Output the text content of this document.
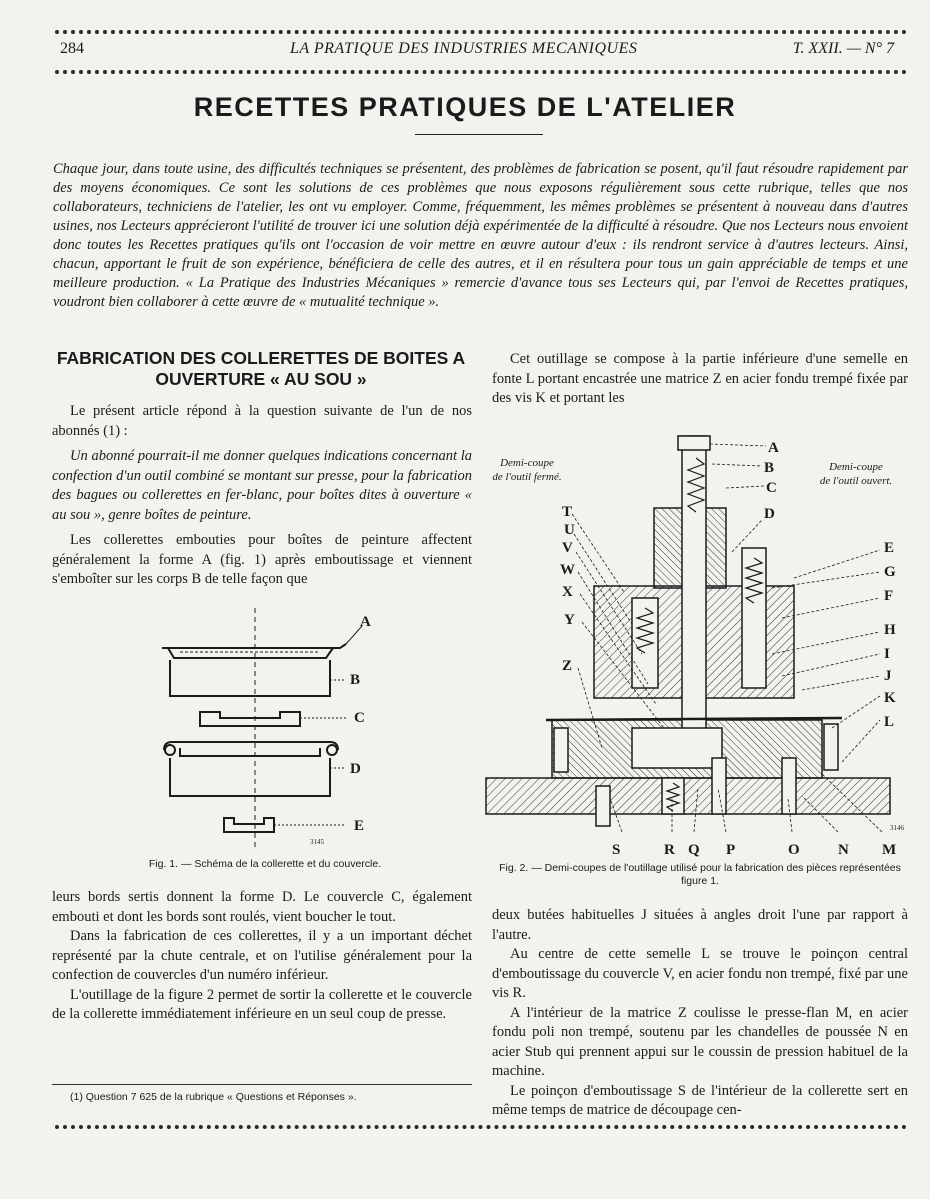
284	LA PRATIQUE DES INDUSTRIES MECANIQUES	T. XXII. — N° 7
RECETTES PRATIQUES DE L'ATELIER

Chaque jour, dans toute usine, des difficultés techniques se présentent, des problèmes de fabrication se posent, qu'il faut résoudre rapidement par des moyens économiques. Ce sont les solutions de ces problèmes que nous exposons régulièrement sous cette rubrique, telles que nos collaborateurs, techniciens de l'atelier, les ont vu employer. Comme, fréquemment, les mêmes problèmes se présentent à nouveau dans d'autres usines, nos Lecteurs apprécieront l'utilité de trouver ici une solution déjà expérimentée de la difficulté à résoudre. Que nos Lecteurs nous envoient donc toutes les Recettes pratiques qu'ils ont l'occasion de voir mettre en œuvre autour d'eux : ils rendront service à d'autres lecteurs. Ainsi, chacun, apportant le fruit de son expérience, bénéficiera de celle des autres, et il en résultera pour tous un gain appréciable de temps et une meilleure production. « La Pratique des Industries Mécaniques » remercie d'avance tous ses Lecteurs qui, par l'envoi de Recettes pratiques, voudront bien collaborer à cette œuvre de « mutualité technique ».

FABRICATION DES COLLERETTES DE BOITES A OUVERTURE « AU SOU »

Le présent article répond à la question suivante de l'un de nos abonnés (1) :

Un abonné pourrait-il me donner quelques indications concernant la confection d'un outil combiné se montant sur presse, pour la fabrication des bagues ou collerettes en fer-blanc, pour boîtes dites à ouverture « au sou », genre boîtes de peinture.

Les collerettes embouties pour boîtes de peinture affectent généralement la forme A (fig. 1) après emboutissage et viennent s'emboîter sur les corps B de telle façon que

A
B
C
D
E
3145
Fig. 1. — Schéma de la collerette et du couvercle.

leurs bords sertis donnent la forme D. Le couvercle C, également embouti et dont les bords sont roulés, vient boucher le tout.

Dans la fabrication de ces collerettes, il y a un important déchet représenté par la chute centrale, et on l'utilise généralement pour la confection de couvercles d'un numéro inférieur.

L'outillage de la figure 2 permet de sortir la collerette et le couvercle de la collerette immédiatement inférieure en un seul coup de presse.

(1) Question 7 625 de la rubrique « Questions et Réponses ».

Cet outillage se compose à la partie inférieure d'une semelle en fonte L portant encastrée une matrice Z en acier fondu trempé fixée par des vis K et portant les

Demi-coupe
de l'outil fermé.
Demi-coupe
de l'outil ouvert.
A
B
C
D
E
G
F
H
I
J
K
L
T
U
V
W
X
Y
Z
S	R Q P	O	N M
3146
Fig. 2. — Demi-coupes de l'outillage utilisé pour la fabrication des pièces représentées figure 1.

deux butées habituelles J situées à angles droit l'une par rapport à l'autre.

Au centre de cette semelle L se trouve le poinçon central d'emboutissage du couvercle V, en acier fondu non trempé, fixé par une vis R.

A l'intérieur de la matrice Z coulisse le presse-flan M, en acier fondu poli non trempé, soutenu par les chandelles de poussée N en acier Stub qui prennent appui sur le coussin de pression habituel de la machine.

Le poinçon d'emboutissage S de l'intérieur de la collerette sert en même temps de matrice de découpage cen-
